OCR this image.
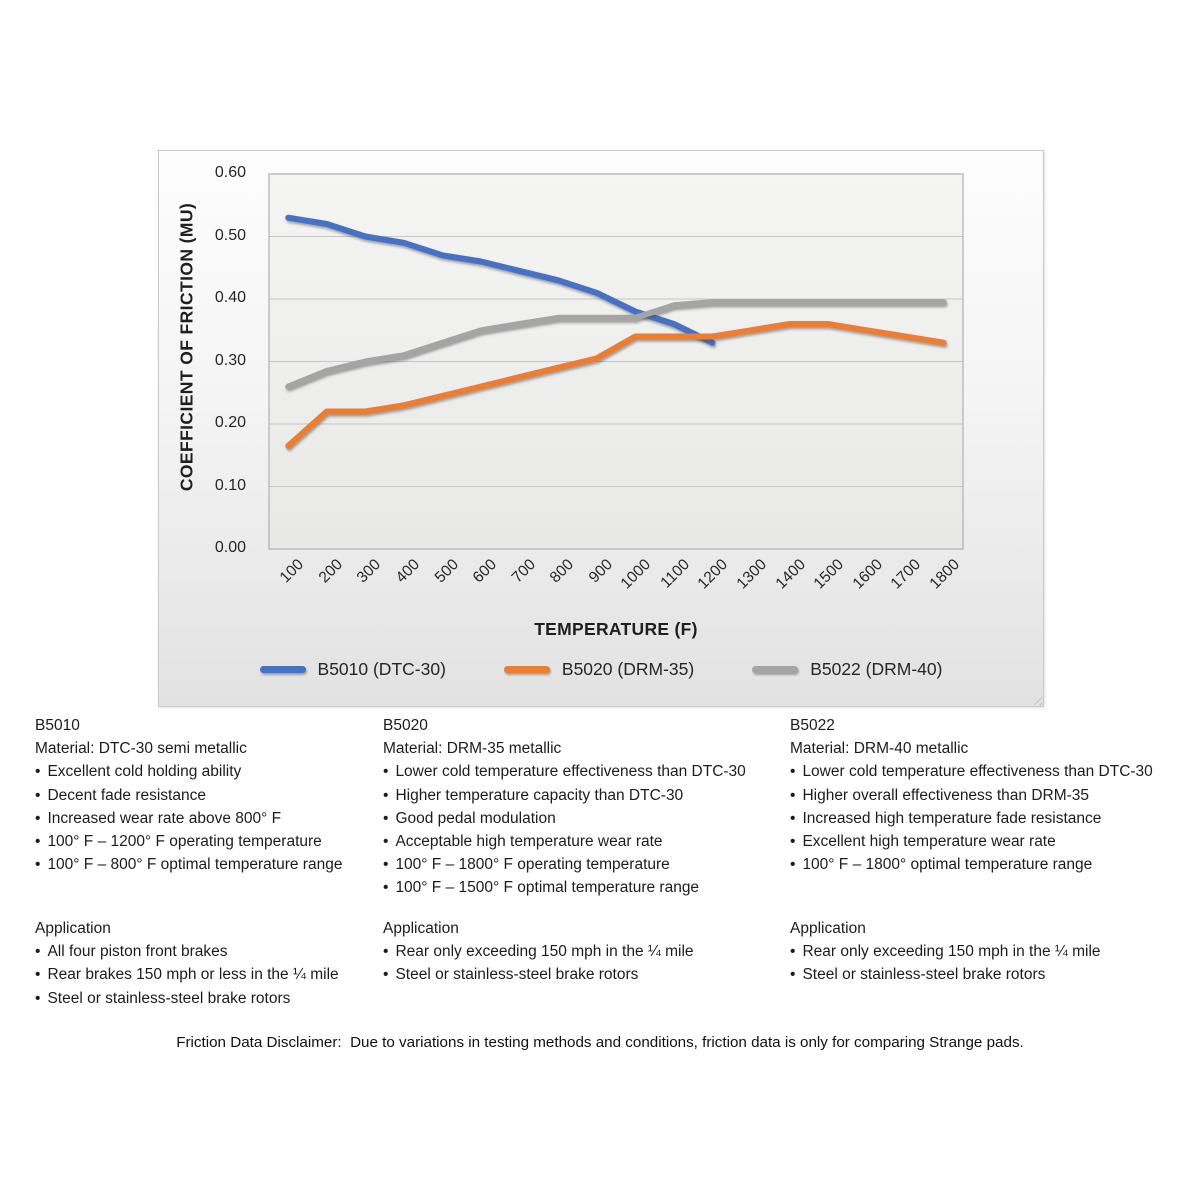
COEFFICIENT OF FRICTION (MU)
0.60
0.50
0.40
0.30
0.20
0.10
0.00
100 200 300 400 500 600 700 800 900 1000 1100 1200 1300 1400 1500 1600 1700 1800
TEMPERATURE (F)
B5010 (DTC-30)	B5020 (DRM-35)	B5022 (DRM-40)
B5010
Material: DTC-30 semi metallic
• Excellent cold holding ability
• Decent fade resistance
• Increased wear rate above 800° F
• 100° F – 1200° F operating temperature
• 100° F – 800° F optimal temperature range
Application
• All four piston front brakes
• Rear brakes 150 mph or less in the ¼ mile
• Steel or stainless-steel brake rotors
B5020
Material: DRM-35 metallic
• Lower cold temperature effectiveness than DTC-30
• Higher temperature capacity than DTC-30
• Good pedal modulation
• Acceptable high temperature wear rate
• 100° F – 1800° F operating temperature
• 100° F – 1500° F optimal temperature range
Application
• Rear only exceeding 150 mph in the ¼ mile
• Steel or stainless-steel brake rotors
B5022
Material: DRM-40 metallic
• Lower cold temperature effectiveness than DTC-30
• Higher overall effectiveness than DRM-35
• Increased high temperature fade resistance
• Excellent high temperature wear rate
• 100° F – 1800° optimal temperature range
Application
• Rear only exceeding 150 mph in the ¼ mile
• Steel or stainless-steel brake rotors
Friction Data Disclaimer:  Due to variations in testing methods and conditions, friction data is only for comparing Strange pads.
